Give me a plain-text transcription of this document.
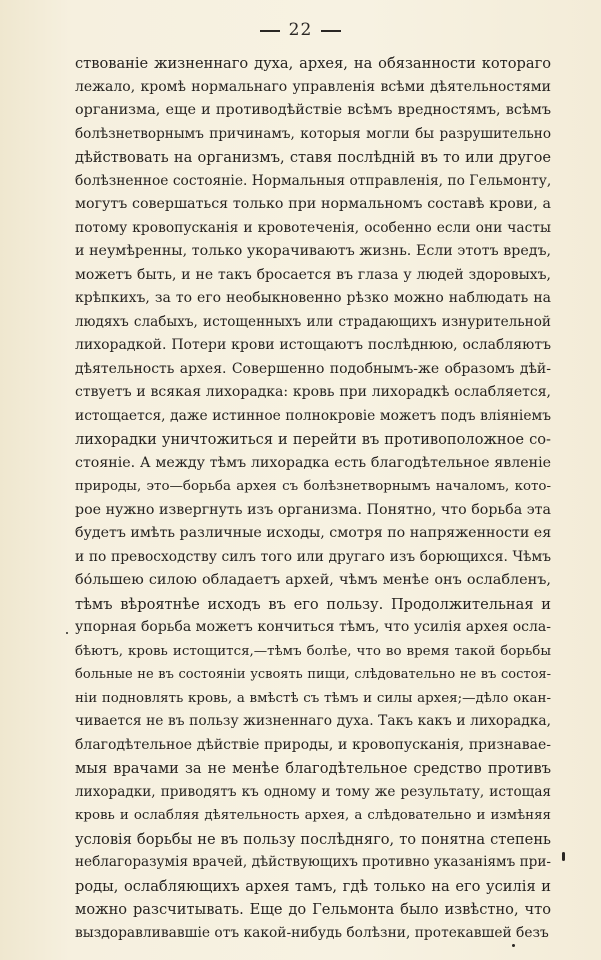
22
ствованіе жизненнаго духа, архея, на обязанности котораго
лежало, кромѣ нормальнаго управленія всѣми дѣятельностями
организма, еще и противодѣйствіе всѣмъ вредностямъ, всѣмъ
болѣзнетворнымъ причинамъ, которыя могли бы разрушительно
дѣйствовать на организмъ, ставя послѣдній въ то или другое
болѣзненное состояніе. Нормальныя отправленія, по Гельмонту,
могутъ совершаться только при нормальномъ составѣ крови, а
потому кровопусканія и кровотеченія, особенно если они часты
и неумѣренны, только укорачиваютъ жизнь. Если этотъ вредъ,
можетъ быть, и не такъ бросается въ глаза у людей здоровыхъ,
крѣпкихъ, за то его необыкновенно рѣзко можно наблюдать на
людяхъ слабыхъ, истощенныхъ или страдающихъ изнурительной
лихорадкой. Потери крови истощаютъ послѣднюю, ослабляютъ
дѣятельность архея. Совершенно подобнымъ-же образомъ дѣй-
ствуетъ и всякая лихорадка: кровь при лихорадкѣ ослабляется,
истощается, даже истинное полнокровіе можетъ подъ вліяніемъ
лихорадки уничтожиться и перейти въ противоположное со-
стояніе. А между тѣмъ лихорадка есть благодѣтельное явленіе
природы, это—борьба архея съ болѣзнетворнымъ началомъ, кото-
рое нужно извергнуть изъ организма. Понятно, что борьба эта
будетъ имѣть различные исходы, смотря по напряженности ея
и по превосходству силъ того или другаго изъ борющихся. Чѣмъ
бо́льшею силою обладаетъ архей, чѣмъ менѣе онъ ослабленъ,
тѣмъ вѣроятнѣе исходъ въ его пользу. Продолжительная и
упорная борьба можетъ кончиться тѣмъ, что усилія архея осла-
бѣютъ, кровь истощится,—тѣмъ болѣе, что во время такой борьбы
больные не въ состояніи усвоять пищи, слѣдовательно не въ состоя-
ніи подновлять кровь, а вмѣстѣ съ тѣмъ и силы архея;—дѣло окан-
чивается не въ пользу жизненнаго духа. Такъ какъ и лихорадка,
благодѣтельное дѣйствіе природы, и кровопусканія, признавае-
мыя врачами за не менѣе благодѣтельное средство противъ
лихорадки, приводятъ къ одному и тому же результату, истощая
кровь и ослабляя дѣятельность архея, а слѣдовательно и измѣняя
условія борьбы не въ пользу послѣдняго, то понятна степень
неблагоразумія врачей, дѣйствующихъ противно указаніямъ при-
роды, ослабляющихъ архея тамъ, гдѣ только на его усилія и
можно разсчитывать. Еще до Гельмонта было извѣстно, что
выздоравливавшіе отъ какой-нибудь болѣзни, протекавшей безъ
